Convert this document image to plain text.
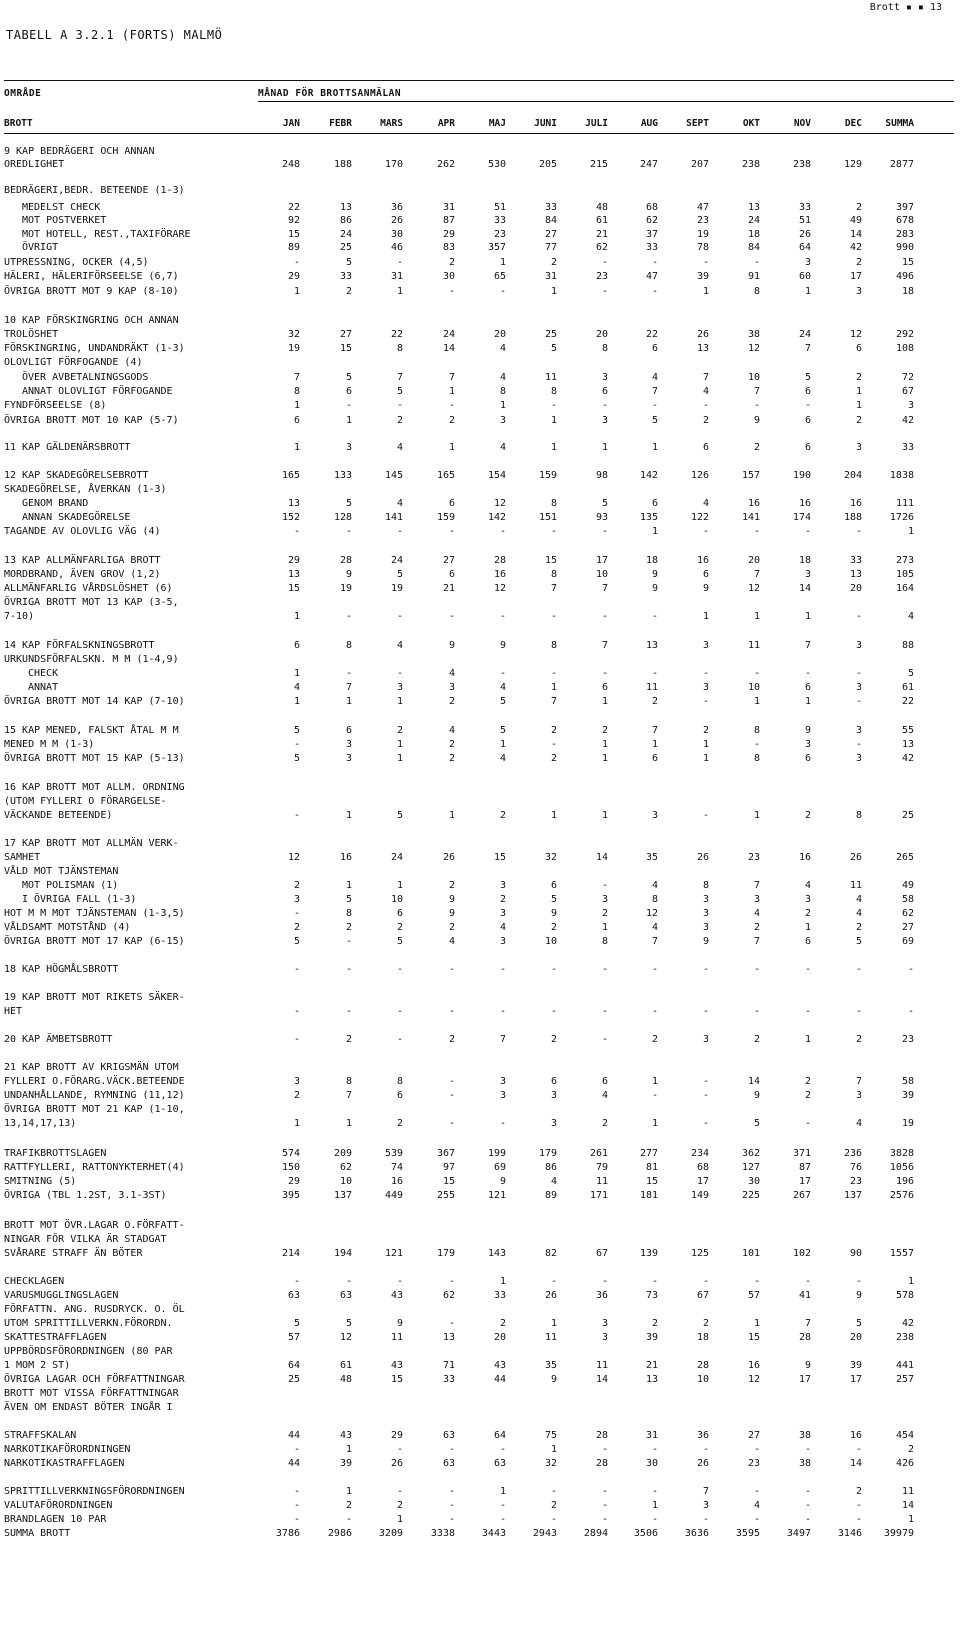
Brott ▪ ▪ 13
TABELL A 3.2.1 (FORTS) MALMÖ
OMRÅDE	MÅNAD FÖR BROTTSANMÄLAN
BROTT	JAN	FEBR	MARS	APR	MAJ	JUNI	JULI	AUG	SEPT	OKT	NOV	DEC	SUMMA
9 KAP BEDRÄGERI OCH ANNAN
OREDLIGHET	248	188	170	262	530	205	215	247	207	238	238	129	2877
BEDRÄGERI,BEDR. BETEENDE (1-3)
MEDELST CHECK	22	13	36	31	51	33	48	68	47	13	33	2	397
MOT POSTVERKET	92	86	26	87	33	84	61	62	23	24	51	49	678
MOT HOTELL, REST.,TAXIFÖRARE	15	24	30	29	23	27	21	37	19	18	26	14	283
ÖVRIGT	89	25	46	83	357	77	62	33	78	84	64	42	990
UTPRESSNING, OCKER (4,5)	-	5	-	2	1	2	-	-	-	-	3	2	15
HÄLERI, HÄLERIFÖRSEELSE (6,7)	29	33	31	30	65	31	23	47	39	91	60	17	496
ÖVRIGA BROTT MOT 9 KAP (8-10)	1	2	1	-	-	1	-	-	1	8	1	3	18
10 KAP FÖRSKINGRING OCH ANNAN
TROLÖSHET	32	27	22	24	20	25	20	22	26	38	24	12	292
FÖRSKINGRING, UNDANDRÄKT (1-3)	19	15	8	14	4	5	8	6	13	12	7	6	108
OLOVLIGT FÖRFOGANDE (4)
ÖVER AVBETALNINGSGODS	7	5	7	7	4	11	3	4	7	10	5	2	72
ANNAT OLOVLIGT FÖRFOGANDE	8	6	5	1	8	8	6	7	4	7	6	1	67
FYNDFÖRSEELSE (8)	1	-	-	-	1	-	-	-	-	-	-	1	3
ÖVRIGA BROTT MOT 10 KAP (5-7)	6	1	2	2	3	1	3	5	2	9	6	2	42
11 KAP GÄLDENÄRSBROTT	1	3	4	1	4	1	1	1	6	2	6	3	33
12 KAP SKADEGÖRELSEBROTT	165	133	145	165	154	159	98	142	126	157	190	204	1838
SKADEGÖRELSE, ÅVERKAN (1-3)
GENOM BRAND	13	5	4	6	12	8	5	6	4	16	16	16	111
ANNAN SKADEGÖRELSE	152	128	141	159	142	151	93	135	122	141	174	188	1726
TAGANDE AV OLOVLIG VÄG (4)	-	-	-	-	-	-	-	1	-	-	-	-	1
13 KAP ALLMÄNFARLIGA BROTT	29	28	24	27	28	15	17	18	16	20	18	33	273
MORDBRAND, ÄVEN GROV (1,2)	13	9	5	6	16	8	10	9	6	7	3	13	105
ALLMÄNFARLIG VÅRDSLÖSHET (6)	15	19	19	21	12	7	7	9	9	12	14	20	164
ÖVRIGA BROTT MOT 13 KAP (3-5,
7-10)	1	-	-	-	-	-	-	-	1	1	1	-	4
14 KAP FÖRFALSKNINGSBROTT	6	8	4	9	9	8	7	13	3	11	7	3	88
URKUNDSFÖRFALSKN. M M (1-4,9)
CHECK	1	-	-	4	-	-	-	-	-	-	-	-	5
ANNAT	4	7	3	3	4	1	6	11	3	10	6	3	61
ÖVRIGA BROTT MOT 14 KAP (7-10)	1	1	1	2	5	7	1	2	-	1	1	-	22
15 KAP MENED, FALSKT ÅTAL M M	5	6	2	4	5	2	2	7	2	8	9	3	55
MENED M M (1-3)	-	3	1	2	1	-	1	1	1	-	3	-	13
ÖVRIGA BROTT MOT 15 KAP (5-13)	5	3	1	2	4	2	1	6	1	8	6	3	42
16 KAP BROTT MOT ALLM. ORDNING
(UTOM FYLLERI O FÖRARGELSE-
VÄCKANDE BETEENDE)	-	1	5	1	2	1	1	3	-	1	2	8	25
17 KAP BROTT MOT ALLMÄN VERK-
SAMHET	12	16	24	26	15	32	14	35	26	23	16	26	265
VÅLD MOT TJÄNSTEMAN
MOT POLISMAN (1)	2	1	1	2	3	6	-	4	8	7	4	11	49
I ÖVRIGA FALL (1-3)	3	5	10	9	2	5	3	8	3	3	3	4	58
HOT M M MOT TJÄNSTEMAN (1-3,5)	-	8	6	9	3	9	2	12	3	4	2	4	62
VÅLDSAMT MOTSTÅND (4)	2	2	2	2	4	2	1	4	3	2	1	2	27
ÖVRIGA BROTT MOT 17 KAP (6-15)	5	-	5	4	3	10	8	7	9	7	6	5	69
18 KAP HÖGMÅLSBROTT	-	-	-	-	-	-	-	-	-	-	-	-	-
19 KAP BROTT MOT RIKETS SÄKER-
HET	-	-	-	-	-	-	-	-	-	-	-	-	-
20 KAP ÄMBETSBROTT	-	2	-	2	7	2	-	2	3	2	1	2	23
21 KAP BROTT AV KRIGSMÄN UTOM
FYLLERI O.FÖRARG.VÄCK.BETEENDE	3	8	8	-	3	6	6	1	-	14	2	7	58
UNDANHÅLLANDE, RYMNING (11,12)	2	7	6	-	3	3	4	-	-	9	2	3	39
ÖVRIGA BROTT MOT 21 KAP (1-10,
13,14,17,13)	1	1	2	-	-	3	2	1	-	5	-	4	19
TRAFIKBROTTSLAGEN	574	209	539	367	199	179	261	277	234	362	371	236	3828
RATTFYLLERI, RATTONYKTERHET(4)	150	62	74	97	69	86	79	81	68	127	87	76	1056
SMITNING (5)	29	10	16	15	9	4	11	15	17	30	17	23	196
ÖVRIGA (TBL 1.2ST, 3.1-3ST)	395	137	449	255	121	89	171	181	149	225	267	137	2576
BROTT MOT ÖVR.LAGAR O.FÖRFATT-
NINGAR FÖR VILKA ÄR STADGAT
SVÅRARE STRAFF ÄN BÖTER	214	194	121	179	143	82	67	139	125	101	102	90	1557
CHECKLAGEN	-	-	-	-	1	-	-	-	-	-	-	-	1
VARUSMUGGLINGSLAGEN	63	63	43	62	33	26	36	73	67	57	41	9	578
FÖRFATTN. ANG. RUSDRYCK. O. ÖL
UTOM SPRITTILLVERKN.FÖRORDN.	5	5	9	-	2	1	3	2	2	1	7	5	42
SKATTESTRAFFLAGEN	57	12	11	13	20	11	3	39	18	15	28	20	238
UPPBÖRDSFÖRORDNINGEN (80 PAR
1 MOM 2 ST)	64	61	43	71	43	35	11	21	28	16	9	39	441
ÖVRIGA LAGAR OCH FÖRFATTNINGAR	25	48	15	33	44	9	14	13	10	12	17	17	257
BROTT MOT VISSA FÖRFATTNINGAR
ÄVEN OM ENDAST BÖTER INGÅR I
STRAFFSKALAN	44	43	29	63	64	75	28	31	36	27	38	16	454
NARKOTIKAFÖRORDNINGEN	-	1	-	-	-	1	-	-	-	-	-	-	2
NARKOTIKASTRAFFLAGEN	44	39	26	63	63	32	28	30	26	23	38	14	426
SPRITTILLVERKNINGSFÖRORDNINGEN	-	1	-	-	1	-	-	-	7	-	-	2	11
VALUTAFÖRORDNINGEN	-	2	2	-	-	2	-	1	3	4	-	-	14
BRANDLAGEN 10 PAR	-	-	1	-	-	-	-	-	-	-	-	-	1
SUMMA BROTT	3786	2986	3209	3338	3443	2943	2894	3506	3636	3595	3497	3146	39979
